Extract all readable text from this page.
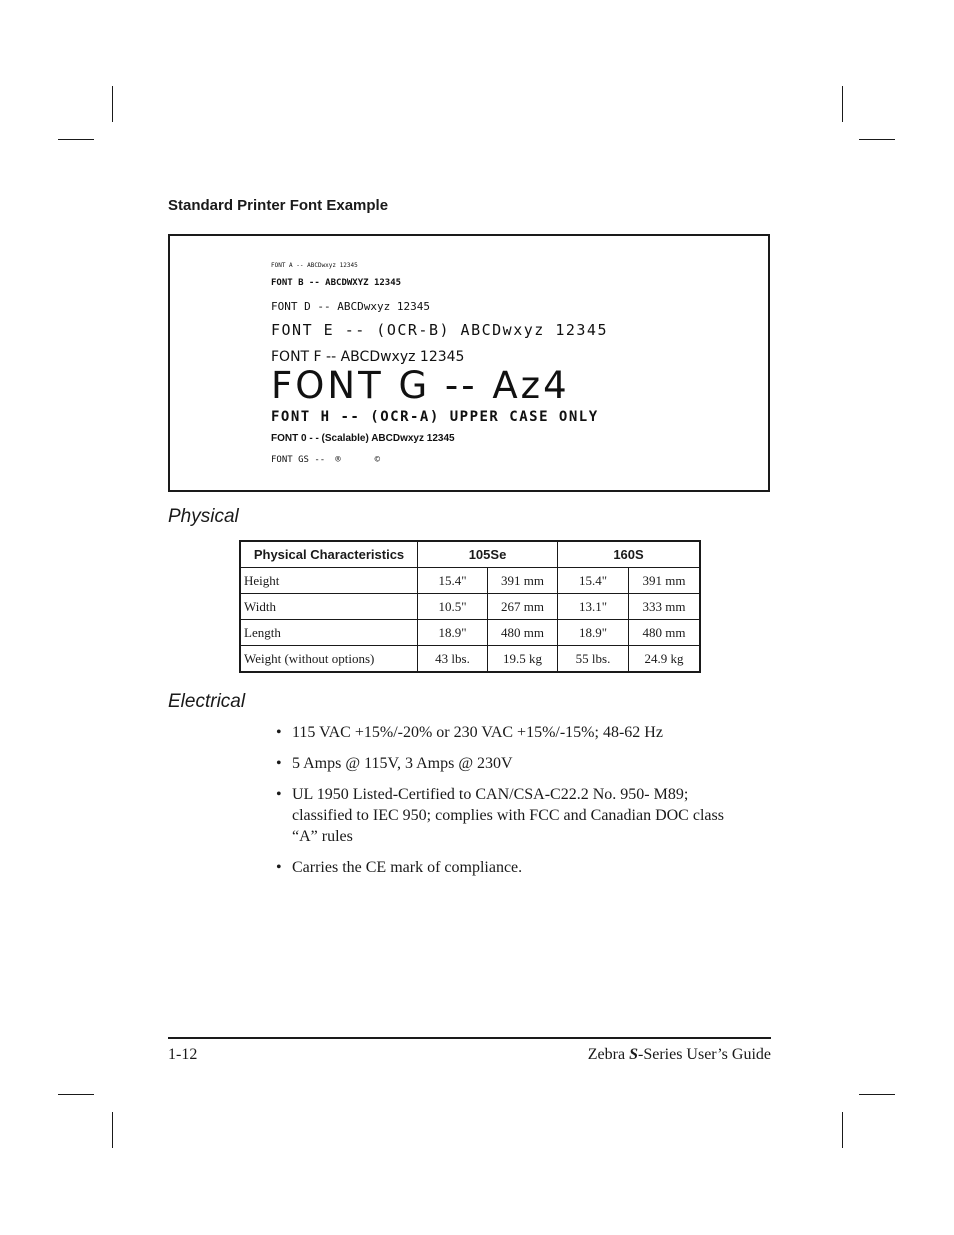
Standard Printer Font Example
FONT A -- ABCDwxyz 12345
FONT B -- ABCDWXYZ 12345
FONT D -- ABCDwxyz 12345
FONT E -- (OCR-B) ABCDwxyz 12345
FONT F -- ABCDwxyz 12345
FONT G -- Az4
FONT H -- (OCR-A) UPPER CASE ONLY
FONT 0 - - (Scalable) ABCDwxyz 12345
FONT GS -- ®	©
Physical
Physical Characteristics	105Se		160S	
Height	15.4"	391 mm	15.4"	391 mm
Width	10.5"	267 mm	13.1"	333 mm
Length	18.9"	480 mm	18.9"	480 mm
Weight (without options)	43 lbs.	19.5 kg	55 lbs.	24.9 kg
Electrical
• 115 VAC +15%/-20% or 230 VAC +15%/-15%; 48-62 Hz
• 5 Amps @ 115V, 3 Amps @ 230V
• UL 1950 Listed-Certified to CAN/CSA-C22.2 No. 950- M89; classified to IEC 950; complies with FCC and Canadian DOC class “A” rules
• Carries the CE mark of compliance.
1-12	Zebra S-Series User’s Guide
